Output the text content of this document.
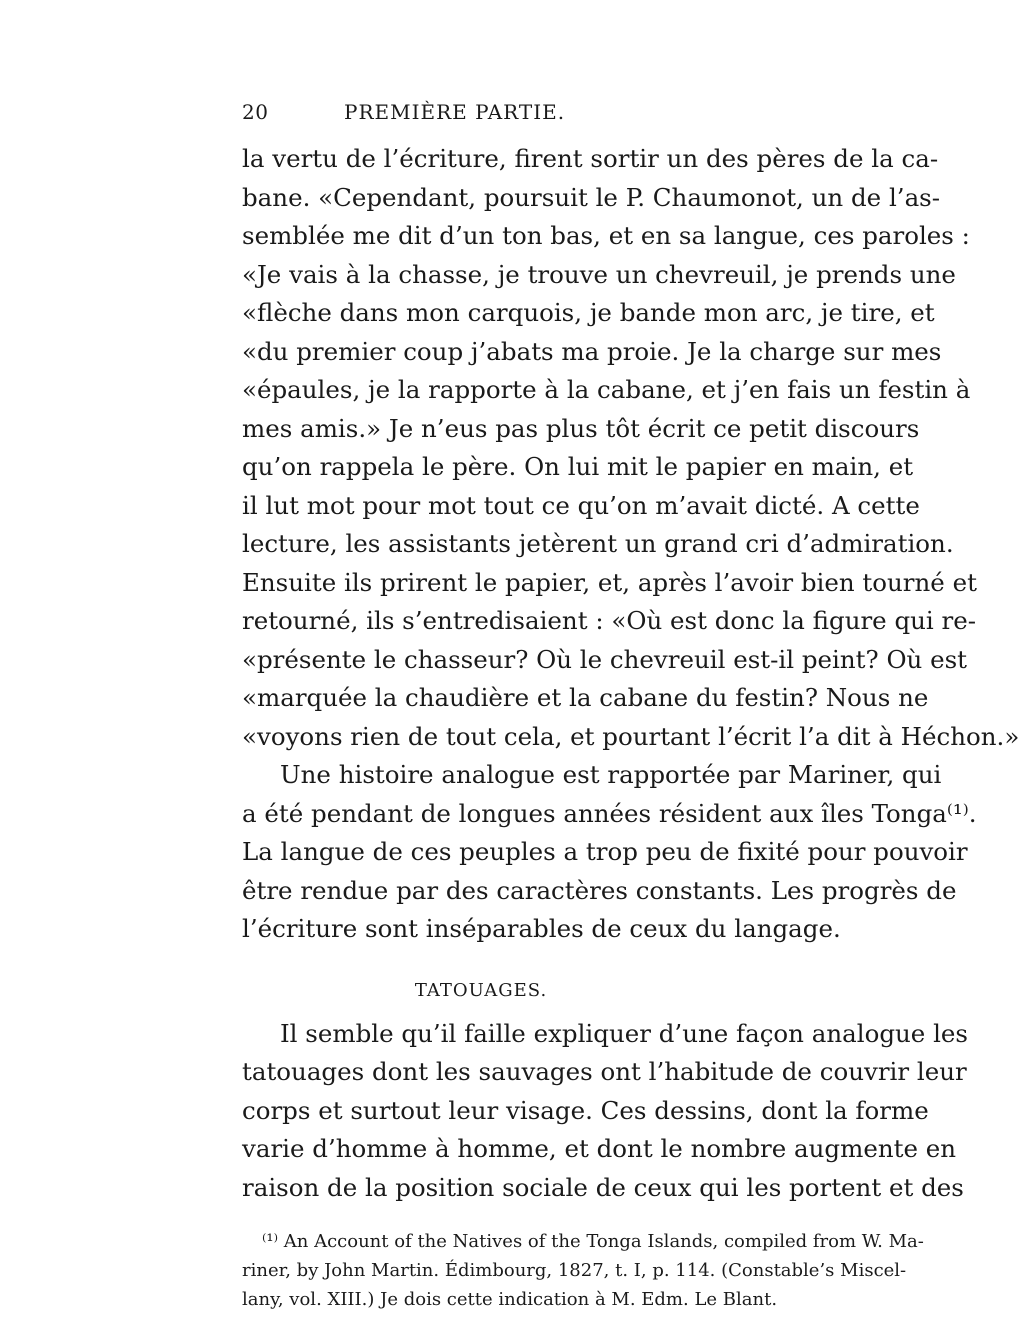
20	PREMIÈRE PARTIE.
la vertu de l’écriture, firent sortir un des pères de la ca-
bane. «Cependant, poursuit le P. Chaumonot, un de l’as-
semblée me dit d’un ton bas, et en sa langue, ces paroles :
«Je vais à la chasse, je trouve un chevreuil, je prends une
«flèche dans mon carquois, je bande mon arc, je tire, et
«du premier coup j’abats ma proie. Je la charge sur mes
«épaules, je la rapporte à la cabane, et j’en fais un festin à
mes amis.» Je n’eus pas plus tôt écrit ce petit discours
qu’on rappela le père. On lui mit le papier en main, et
il lut mot pour mot tout ce qu’on m’avait dicté. A cette
lecture, les assistants jetèrent un grand cri d’admiration.
Ensuite ils prirent le papier, et, après l’avoir bien tourné et
retourné, ils s’entredisaient : «Où est donc la figure qui re-
«présente le chasseur? Où le chevreuil est-il peint? Où est
«marquée la chaudière et la cabane du festin? Nous ne
«voyons rien de tout cela, et pourtant l’écrit l’a dit à Héchon.»
Une histoire analogue est rapportée par Mariner, qui
a été pendant de longues années résident aux îles Tonga⁽¹⁾.
La langue de ces peuples a trop peu de fixité pour pouvoir
être rendue par des caractères constants. Les progrès de
l’écriture sont inséparables de ceux du langage.
TATOUAGES.
Il semble qu’il faille expliquer d’une façon analogue les
tatouages dont les sauvages ont l’habitude de couvrir leur
corps et surtout leur visage. Ces dessins, dont la forme
varie d’homme à homme, et dont le nombre augmente en
raison de la position sociale de ceux qui les portent et des
⁽¹⁾ An Account of the Natives of the Tonga Islands, compiled from W. Ma-
riner, by John Martin. Édimbourg, 1827, t. I, p. 114. (Constable’s Miscel-
lany, vol. XIII.) Je dois cette indication à M. Edm. Le Blant.
